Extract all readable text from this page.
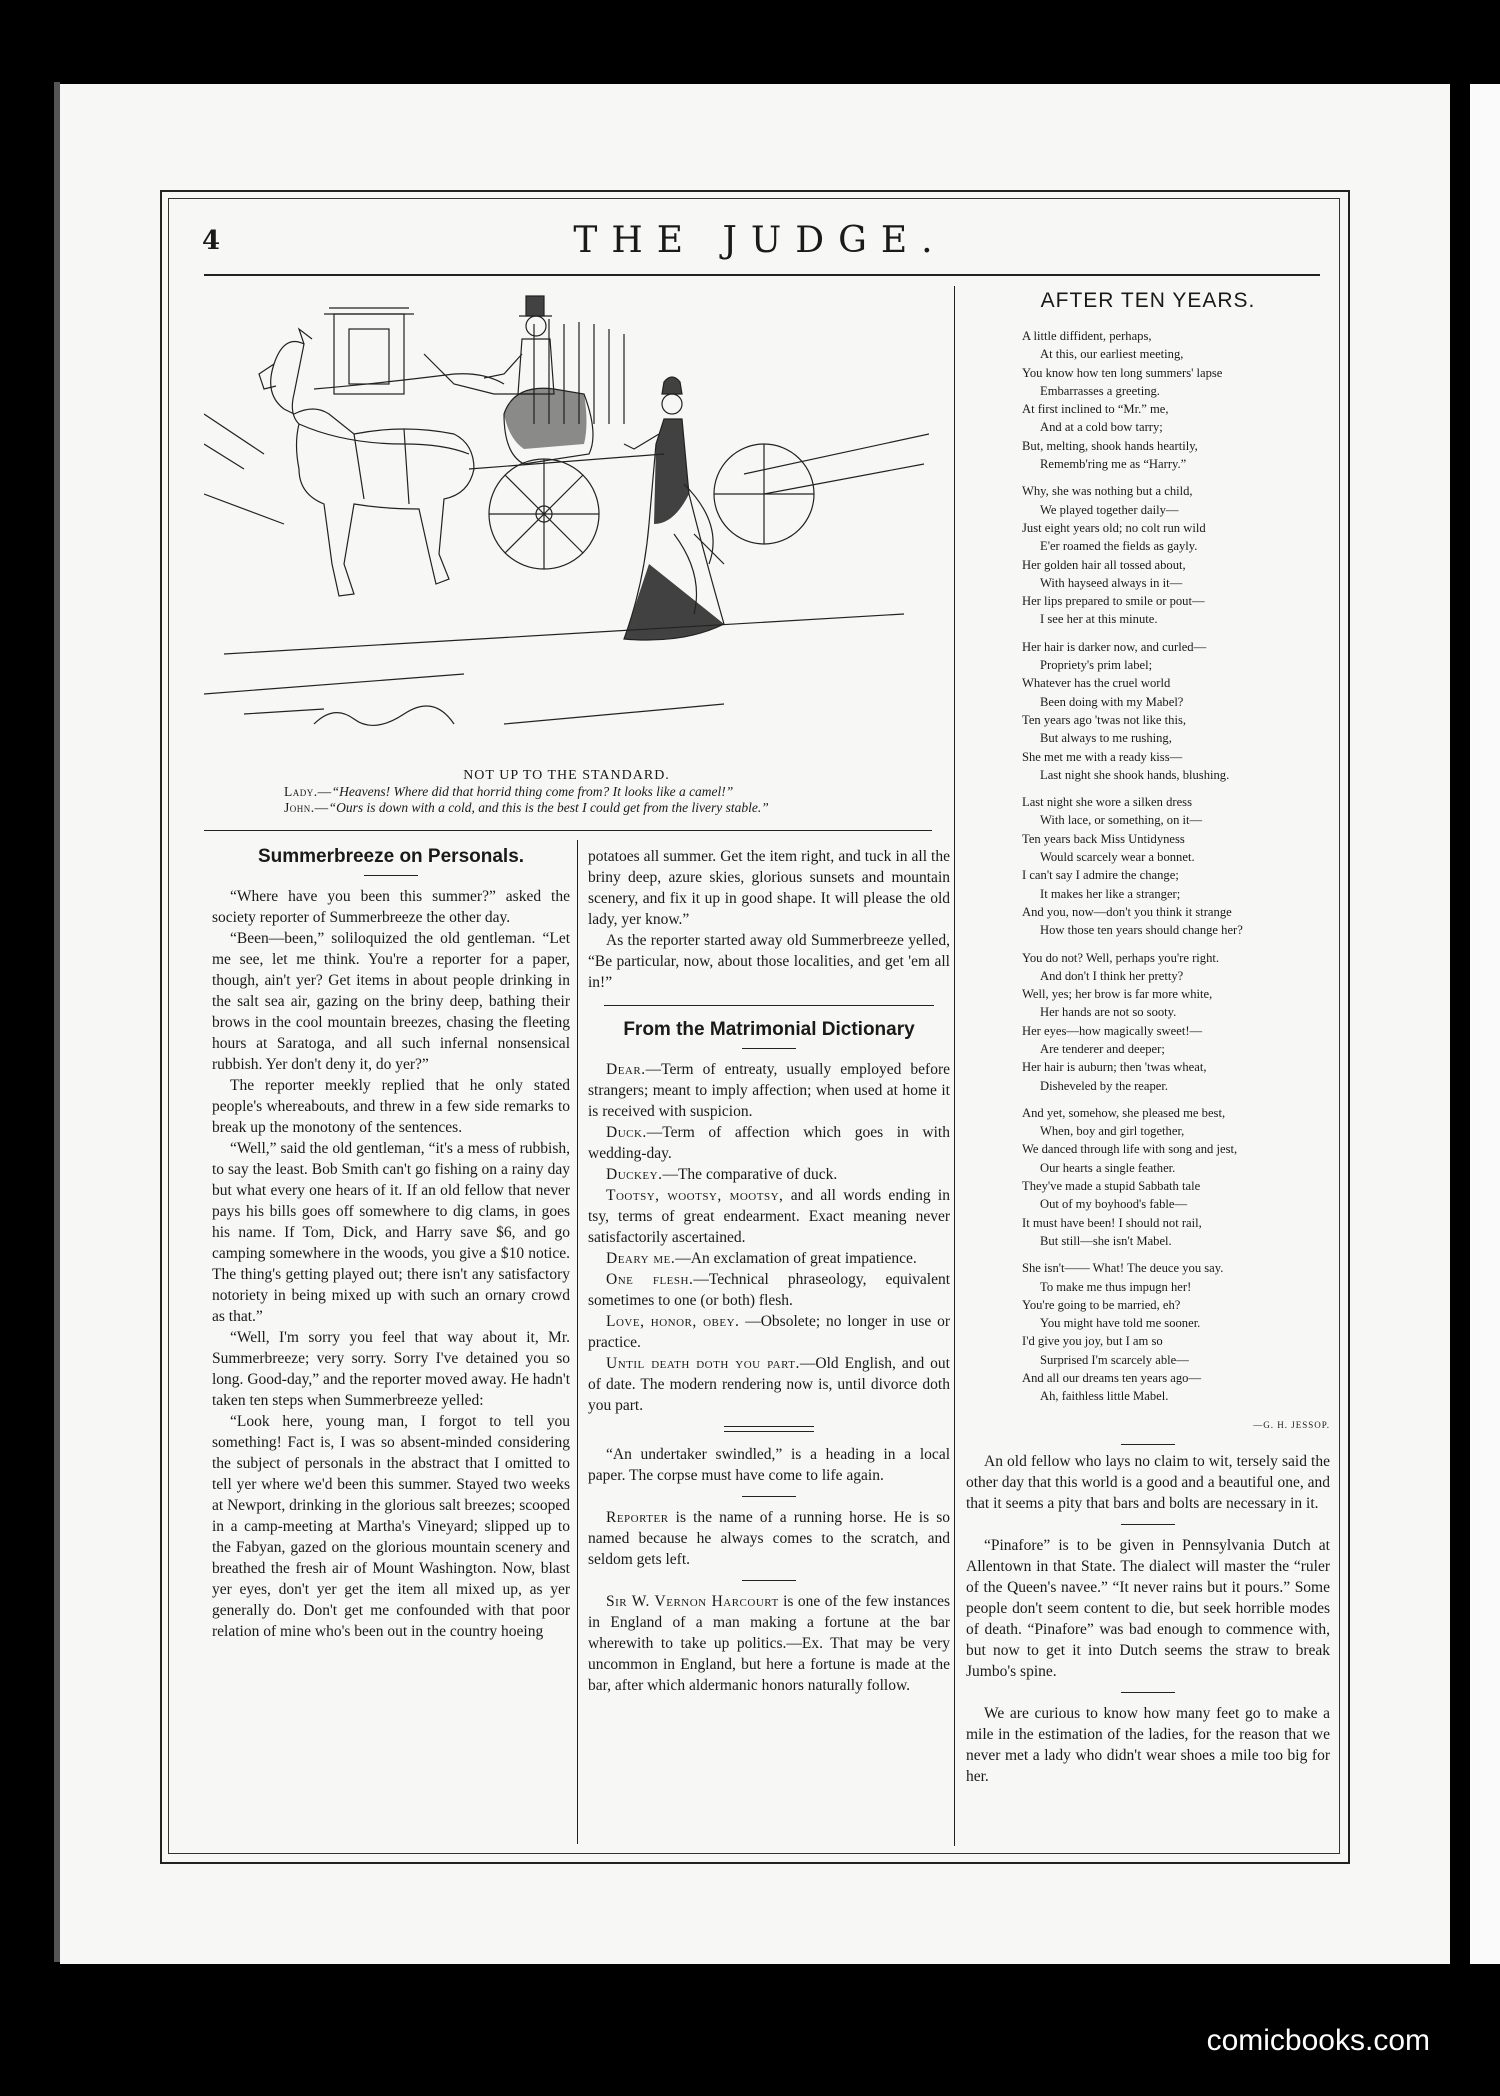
4	THE JUDGE.
NOT UP TO THE STANDARD.
Lady.—“Heavens! Where did that horrid thing come from? It looks like a camel!”
John.—“Ours is down with a cold, and this is the best I could get from the livery stable.”
Summerbreeze on Personals.

“Where have you been this summer?” asked the society reporter of Summerbreeze the other day.

“Been—been,” soliloquized the old gentleman. “Let me see, let me think. You're a reporter for a paper, though, ain't yer? Get items in about people drinking in the salt sea air, gazing on the briny deep, bathing their brows in the cool mountain breezes, chasing the fleeting hours at Saratoga, and all such infernal nonsensical rubbish. Yer don't deny it, do yer?”

The reporter meekly replied that he only stated people's whereabouts, and threw in a few side remarks to break up the monotony of the sentences.

“Well,” said the old gentleman, “it's a mess of rubbish, to say the least. Bob Smith can't go fishing on a rainy day but what every one hears of it. If an old fellow that never pays his bills goes off somewhere to dig clams, in goes his name. If Tom, Dick, and Harry save $6, and go camping somewhere in the woods, you give a $10 notice. The thing's getting played out; there isn't any satisfactory notoriety in being mixed up with such an ornary crowd as that.”

“Well, I'm sorry you feel that way about it, Mr. Summerbreeze; very sorry. Sorry I've detained you so long. Good-day,” and the reporter moved away. He hadn't taken ten steps when Summerbreeze yelled:

“Look here, young man, I forgot to tell you something! Fact is, I was so absent-minded considering the subject of personals in the abstract that I omitted to tell yer where we'd been this summer. Stayed two weeks at Newport, drinking in the glorious salt breezes; scooped in a camp-meeting at Martha's Vineyard; slipped up to the Fabyan, gazed on the glorious mountain scenery and breathed the fresh air of Mount Washington. Now, blast yer eyes, don't yer get the item all mixed up, as yer generally do. Don't get me confounded with that poor relation of mine who's been out in the country hoeing

potatoes all summer. Get the item right, and tuck in all the briny deep, azure skies, glorious sunsets and mountain scenery, and fix it up in good shape. It will please the old lady, yer know.”

As the reporter started away old Summerbreeze yelled, “Be particular, now, about those localities, and get 'em all in!”

From the Matrimonial Dictionary

Dear.—Term of entreaty, usually employed before strangers; meant to imply affection; when used at home it is received with suspicion.

Duck.—Term of affection which goes in with wedding-day.

Duckey.—The comparative of duck.

Tootsy, wootsy, mootsy, and all words ending in tsy, terms of great endearment. Exact meaning never satisfactorily ascertained.

Deary me.—An exclamation of great impatience.

One flesh.—Technical phraseology, equivalent sometimes to one (or both) flesh.

Love, honor, obey. —Obsolete; no longer in use or practice.

Until death doth you part.—Old English, and out of date. The modern rendering now is, until divorce doth you part.

“An undertaker swindled,” is a heading in a local paper. The corpse must have come to life again.

Reporter is the name of a running horse. He is so named because he always comes to the scratch, and seldom gets left.

Sir W. Vernon Harcourt is one of the few instances in England of a man making a fortune at the bar wherewith to take up politics.—Ex. That may be very uncommon in England, but here a fortune is made at the bar, after which aldermanic honors naturally follow.

AFTER TEN YEARS.
A little diffident, perhaps,
At this, our earliest meeting,
You know how ten long summers' lapse
Embarrasses a greeting.
At first inclined to “Mr.” me,
And at a cold bow tarry;
But, melting, shook hands heartily,
Rememb'ring me as “Harry.”
Why, she was nothing but a child,
We played together daily—
Just eight years old; no colt run wild
E'er roamed the fields as gayly.
Her golden hair all tossed about,
With hayseed always in it—
Her lips prepared to smile or pout—
I see her at this minute.
Her hair is darker now, and curled—
Propriety's prim label;
Whatever has the cruel world
Been doing with my Mabel?
Ten years ago 'twas not like this,
But always to me rushing,
She met me with a ready kiss—
Last night she shook hands, blushing.
Last night she wore a silken dress
With lace, or something, on it—
Ten years back Miss Untidyness
Would scarcely wear a bonnet.
I can't say I admire the change;
It makes her like a stranger;
And you, now—don't you think it strange
How those ten years should change her?
You do not? Well, perhaps you're right.
And don't I think her pretty?
Well, yes; her brow is far more white,
Her hands are not so sooty.
Her eyes—how magically sweet!—
Are tenderer and deeper;
Her hair is auburn; then 'twas wheat,
Disheveled by the reaper.
And yet, somehow, she pleased me best,
When, boy and girl together,
We danced through life with song and jest,
Our hearts a single feather.
They've made a stupid Sabbath tale
Out of my boyhood's fable—
It must have been! I should not rail,
But still—she isn't Mabel.
She isn't—— What! The deuce you say.
To make me thus impugn her!
You're going to be married, eh?
You might have told me sooner.
I'd give you joy, but I am so
Surprised I'm scarcely able—
And all our dreams ten years ago—
Ah, faithless little Mabel.
—G. H. JESSOP.

An old fellow who lays no claim to wit, tersely said the other day that this world is a good and a beautiful one, and that it seems a pity that bars and bolts are necessary in it.

“Pinafore” is to be given in Pennsylvania Dutch at Allentown in that State. The dialect will master the “ruler of the Queen's navee.” “It never rains but it pours.” Some people don't seem content to die, but seek horrible modes of death. “Pinafore” was bad enough to commence with, but now to get it into Dutch seems the straw to break Jumbo's spine.

We are curious to know how many feet go to make a mile in the estimation of the ladies, for the reason that we never met a lady who didn't wear shoes a mile too big for her.

comicbooks.com
